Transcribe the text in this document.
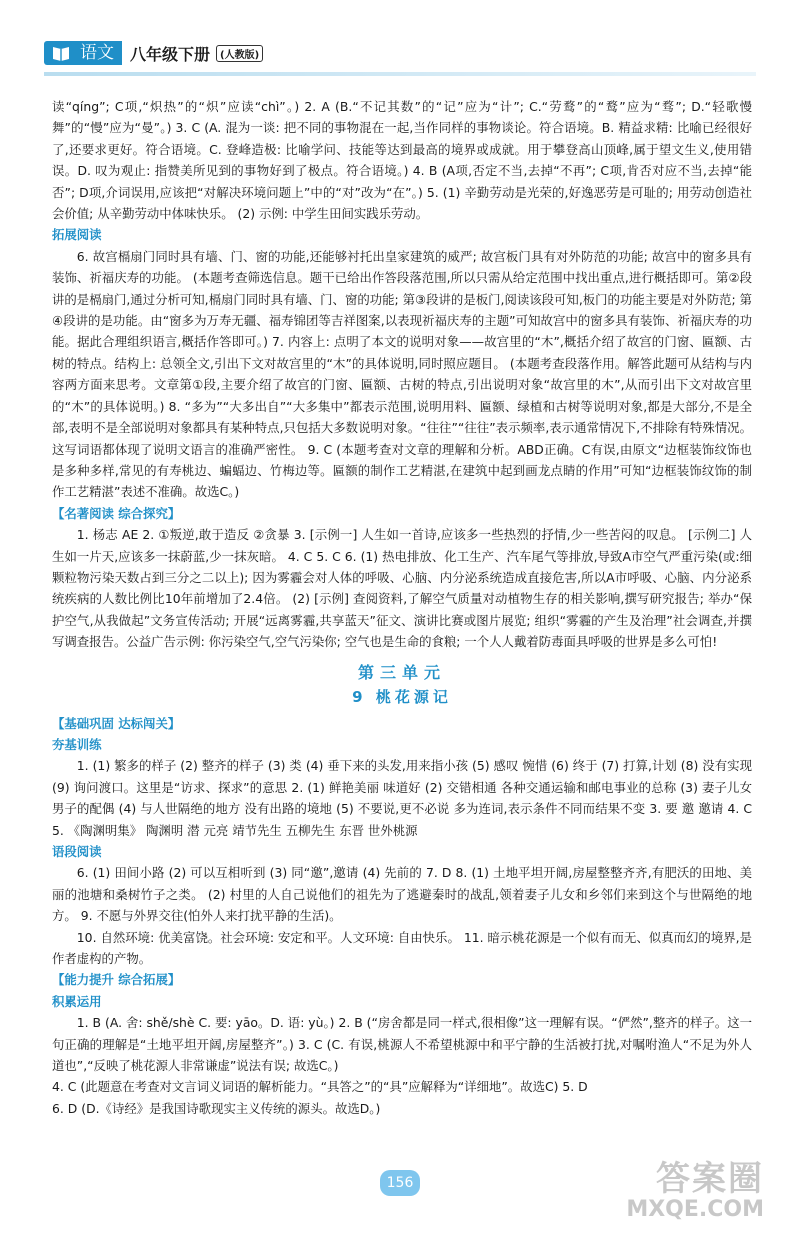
语文	八年级下册	(人教版)

读“qíng”; C项,“炽热”的“炽”应读“chì”。) 2. A (B.“不记其数”的“记”应为“计”; C.“劳鹜”的“鹜”应为“骛”; D.“轻歌慢舞”的“慢”应为“曼”。) 3. C (A. 混为一谈: 把不同的事物混在一起,当作同样的事物谈论。符合语境。B. 精益求精: 比喻已经很好了,还要求更好。符合语境。C. 登峰造极: 比喻学问、技能等达到最高的境界或成就。用于攀登高山顶峰,属于望文生义,使用错误。D. 叹为观止: 指赞美所见到的事物好到了极点。符合语境。) 4. B (A项,否定不当,去掉“不再”; C项,肯否对应不当,去掉“能否”; D项,介词误用,应该把“对解决环境问题上”中的“对”改为“在”。) 5. (1) 辛勤劳动是光荣的,好逸恶劳是可耻的; 用劳动创造社会价值; 从辛勤劳动中体味快乐。 (2) 示例: 中学生田间实践乐劳动。

拓展阅读

6. 故宫槅扇门同时具有墙、门、窗的功能,还能够衬托出皇家建筑的威严; 故宫板门具有对外防范的功能; 故宫中的窗多具有装饰、祈福庆寿的功能。 (本题考查筛选信息。题干已给出作答段落范围,所以只需从给定范围中找出重点,进行概括即可。第②段讲的是槅扇门,通过分析可知,槅扇门同时具有墙、门、窗的功能; 第③段讲的是板门,阅读该段可知,板门的功能主要是对外防范; 第④段讲的是功能。由“窗多为万寿无疆、福寿锦团等吉祥图案,以表现祈福庆寿的主题”可知故宫中的窗多具有装饰、祈福庆寿的功能。据此合理组织语言,概括作答即可。) 7. 内容上: 点明了本文的说明对象——故宫里的“木”,概括介绍了故宫的门窗、匾额、古树的特点。结构上: 总领全文,引出下文对故宫里的“木”的具体说明,同时照应题目。 (本题考查段落作用。解答此题可从结构与内容两方面来思考。文章第①段,主要介绍了故宫的门窗、匾额、古树的特点,引出说明对象“故宫里的木”,从而引出下文对故宫里的“木”的具体说明。) 8. “多为”“大多出自”“大多集中”都表示范围,说明用料、匾额、绿植和古树等说明对象,都是大部分,不是全部,表明不是全部说明对象都具有某种特点,只包括大多数说明对象。“往往”“往往”表示频率,表示通常情况下,不排除有特殊情况。这写词语都体现了说明文语言的准确严密性。 9. C (本题考查对文章的理解和分析。ABD正确。C有误,由原文“边框装饰纹饰也是多种多样,常见的有寿桃边、蝙蝠边、竹梅边等。匾额的制作工艺精湛,在建筑中起到画龙点睛的作用”可知“边框装饰纹饰的制作工艺精湛”表述不准确。故选C。)

【名著阅读 综合探究】

1. 杨志 AE 2. ①叛逆,敢于造反 ②贪暴 3. [示例一] 人生如一首诗,应该多一些热烈的抒情,少一些苦闷的叹息。 [示例二] 人生如一片天,应该多一抹蔚蓝,少一抹灰暗。 4. C 5. C 6. (1) 热电排放、化工生产、汽车尾气等排放,导致A市空气严重污染(或:细颗粒物污染天数占到三分之二以上); 因为雾霾会对人体的呼吸、心脑、内分泌系统造成直接危害,所以A市呼吸、心脑、内分泌系统疾病的人数比例比10年前增加了2.4倍。 (2) [示例] 查阅资料,了解空气质量对动植物生存的相关影响,撰写研究报告; 举办“保护空气,从我做起”文务宣传活动; 开展“远离雾霾,共享蓝天”征文、演讲比赛或图片展览; 组织“雾霾的产生及治理”社会调查,并撰写调查报告。公益广告示例: 你污染空气,空气污染你; 空气也是生命的食粮; 一个人人戴着防毒面具呼吸的世界是多么可怕!

第三单元
9 桃花源记
【基础巩固 达标闯关】
夯基训练

1. (1) 繁多的样子 (2) 整齐的样子 (3) 类 (4) 垂下来的头发,用来指小孩 (5) 感叹 惋惜 (6) 终于 (7) 打算,计划 (8) 没有实现 (9) 询问渡口。这里是“访求、探求”的意思 2. (1) 鲜艳美丽 味道好 (2) 交错相通 各种交通运输和邮电事业的总称 (3) 妻子儿女 男子的配偶 (4) 与人世隔绝的地方 没有出路的境地 (5) 不要说,更不必说 多为连词,表示条件不同而结果不变 3. 要 邀 邀请 4. C 5. 《陶渊明集》 陶渊明 潜 元亮 靖节先生 五柳先生 东晋 世外桃源

语段阅读

6. (1) 田间小路 (2) 可以互相听到 (3) 同“邀”,邀请 (4) 先前的 7. D 8. (1) 土地平坦开阔,房屋整整齐齐,有肥沃的田地、美丽的池塘和桑树竹子之类。 (2) 村里的人自己说他们的祖先为了逃避秦时的战乱,领着妻子儿女和乡邻们来到这个与世隔绝的地方。 9. 不愿与外界交往(怕外人来打扰平静的生活)。

10. 自然环境: 优美富饶。社会环境: 安定和平。人文环境: 自由快乐。 11. 暗示桃花源是一个似有而无、似真而幻的境界,是作者虚构的产物。

【能力提升 综合拓展】
积累运用

1. B (A. 舍: shě/shè C. 要: yāo。D. 语: yù。) 2. B (“房舍都是同一样式,很相像”这一理解有误。“俨然”,整齐的样子。这一句正确的理解是“土地平坦开阔,房屋整齐”。) 3. C (C. 有误,桃源人不希望桃源中和平宁静的生活被打扰,对嘱咐渔人“不足为外人道也”,“反映了桃花源人非常谦虚”说法有误; 故选C。)

4. C (此题意在考查对文言词义词语的解析能力。“具答之”的“具”应解释为“详细地”。故选C) 5. D

6. D (D.《诗经》是我国诗歌现实主义传统的源头。故选D。)

156	答案圈
MXQE.COM
